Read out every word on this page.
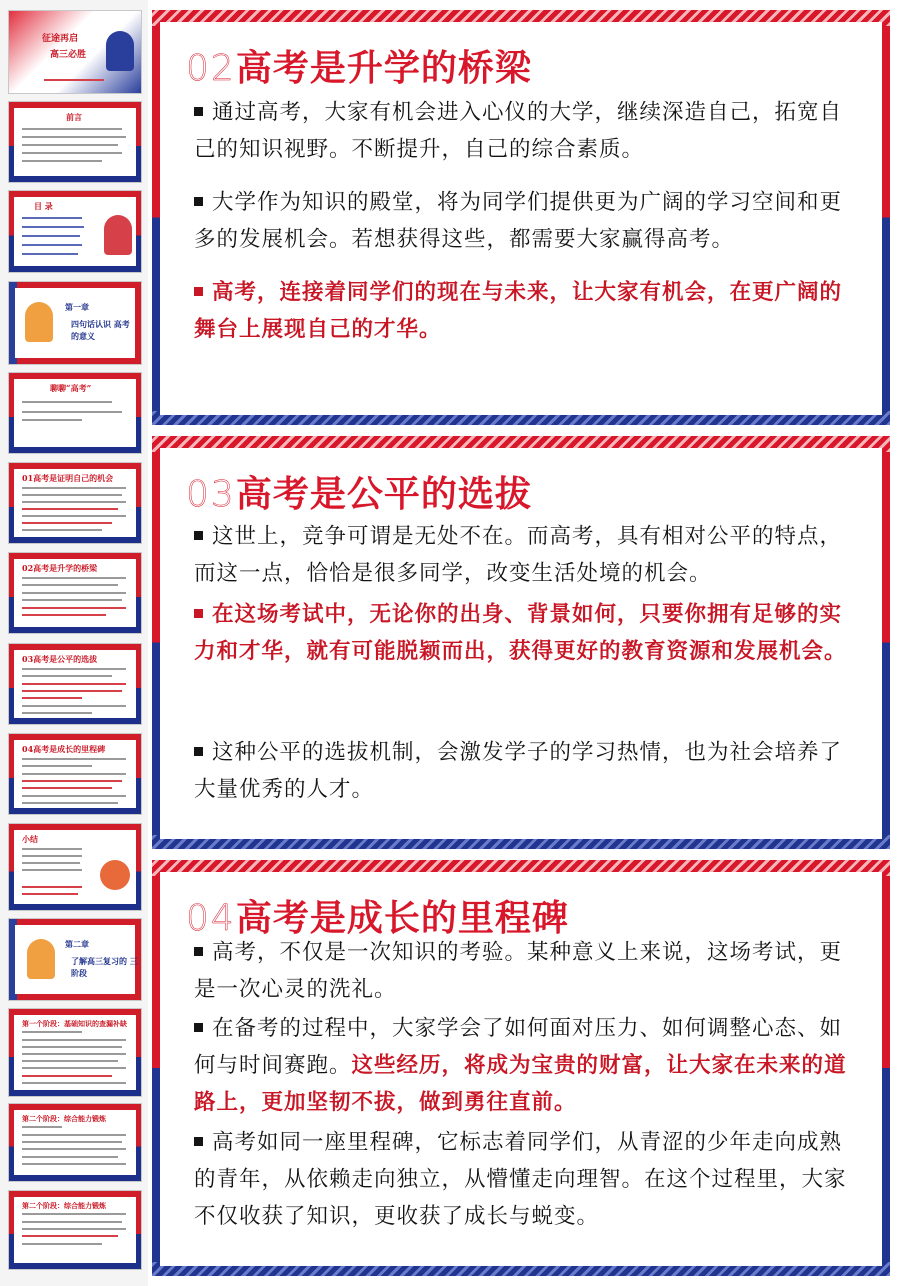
征途再启
高三必胜
前言
目 录
第一章
四句话认识 高考的意义
聊聊“高考”
01高考是证明自己的机会
02高考是升学的桥梁
03高考是公平的选拔
04高考是成长的里程碑
小结
第二章
了解高三复习的 三阶段
第一个阶段：基础知识的查漏补缺
第二个阶段：综合能力锻炼
第二个阶段：综合能力锻炼
02高考是升学的桥梁
通过高考，大家有机会进入心仪的大学，继续深造自己，拓宽自己的知识视野。不断提升，自己的综合素质。
大学作为知识的殿堂，将为同学们提供更为广阔的学习空间和更多的发展机会。若想获得这些，都需要大家赢得高考。
高考，连接着同学们的现在与未来，让大家有机会，在更广阔的舞台上展现自己的才华。
03高考是公平的选拔
这世上，竞争可谓是无处不在。而高考，具有相对公平的特点，而这一点，恰恰是很多同学，改变生活处境的机会。
在这场考试中，无论你的出身、背景如何，只要你拥有足够的实力和才华，就有可能脱颖而出，获得更好的教育资源和发展机会。
这种公平的选拔机制，会激发学子的学习热情，也为社会培养了大量优秀的人才。
04高考是成长的里程碑
高考，不仅是一次知识的考验。某种意义上来说，这场考试，更是一次心灵的洗礼。
在备考的过程中，大家学会了如何面对压力、如何调整心态、如何与时间赛跑。这些经历，将成为宝贵的财富，让大家在未来的道路上，更加坚韧不拔，做到勇往直前。
高考如同一座里程碑，它标志着同学们，从青涩的少年走向成熟的青年，从依赖走向独立，从懵懂走向理智。在这个过程里，大家不仅收获了知识，更收获了成长与蜕变。
